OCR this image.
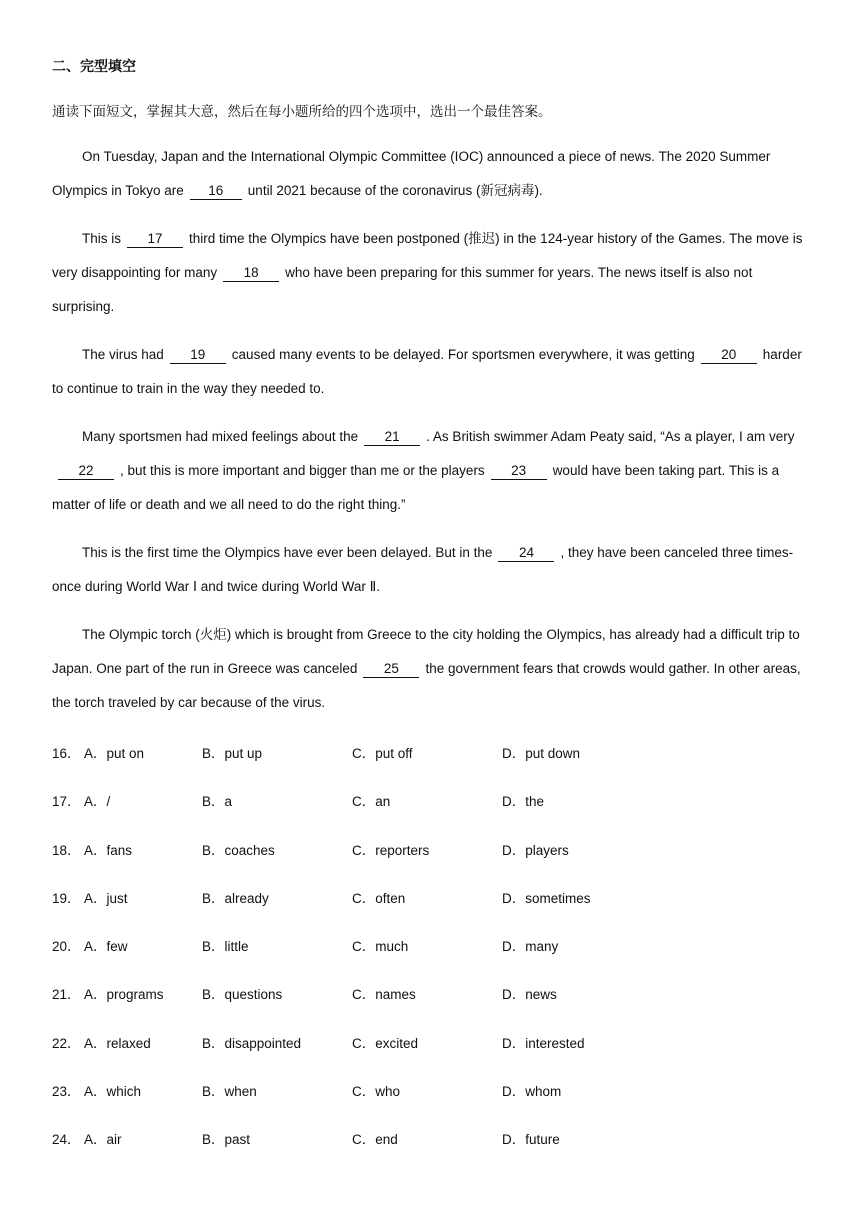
二、完型填空
通读下面短文，掌握其大意，然后在每小题所给的四个选项中，选出一个最佳答案。

On Tuesday, Japan and the International Olympic Committee (IOC) announced a piece of news. The 2020 Summer Olympics in Tokyo are 16 until 2021 because of the coronavirus (新冠病毒).

This is 17 third time the Olympics have been postponed (推迟) in the 124-year history of the Games. The move is very disappointing for many 18 who have been preparing for this summer for years. The news itself is also not surprising.

The virus had 19 caused many events to be delayed. For sportsmen everywhere, it was getting 20 harder to continue to train in the way they needed to.

Many sportsmen had mixed feelings about the 21 . As British swimmer Adam Peaty said, “As a player, I am very22 , but this is more important and bigger than me or the players 23 would have been taking part. This is a matter of life or death and we all need to do the right thing.”

This is the first time the Olympics have ever been delayed. But in the 24 , they have been canceled three times-once during World War Ⅰ and twice during World War Ⅱ.

The Olympic torch (火炬) which is brought from Greece to the city holding the Olympics, has already had a difficult trip to Japan. One part of the run in Greece was canceled 25 the government fears that crowds would gather. In other areas, the torch traveled by car because of the virus.

16． A．put on	B．put up	C．put off	D．put down
17． A．/	B．a	C．an	D．the
18． A．fans	B．coaches	C．reporters	D．players
19． A．just	B．already	C．often	D．sometimes
20． A．few	B．little	C．much	D．many
21． A．programs	B．questions	C．names	D．news
22． A．relaxed	B．disappointed	C．excited	D．interested
23． A．which	B．when	C．who	D．whom
24． A．air	B．past	C．end	D．future
